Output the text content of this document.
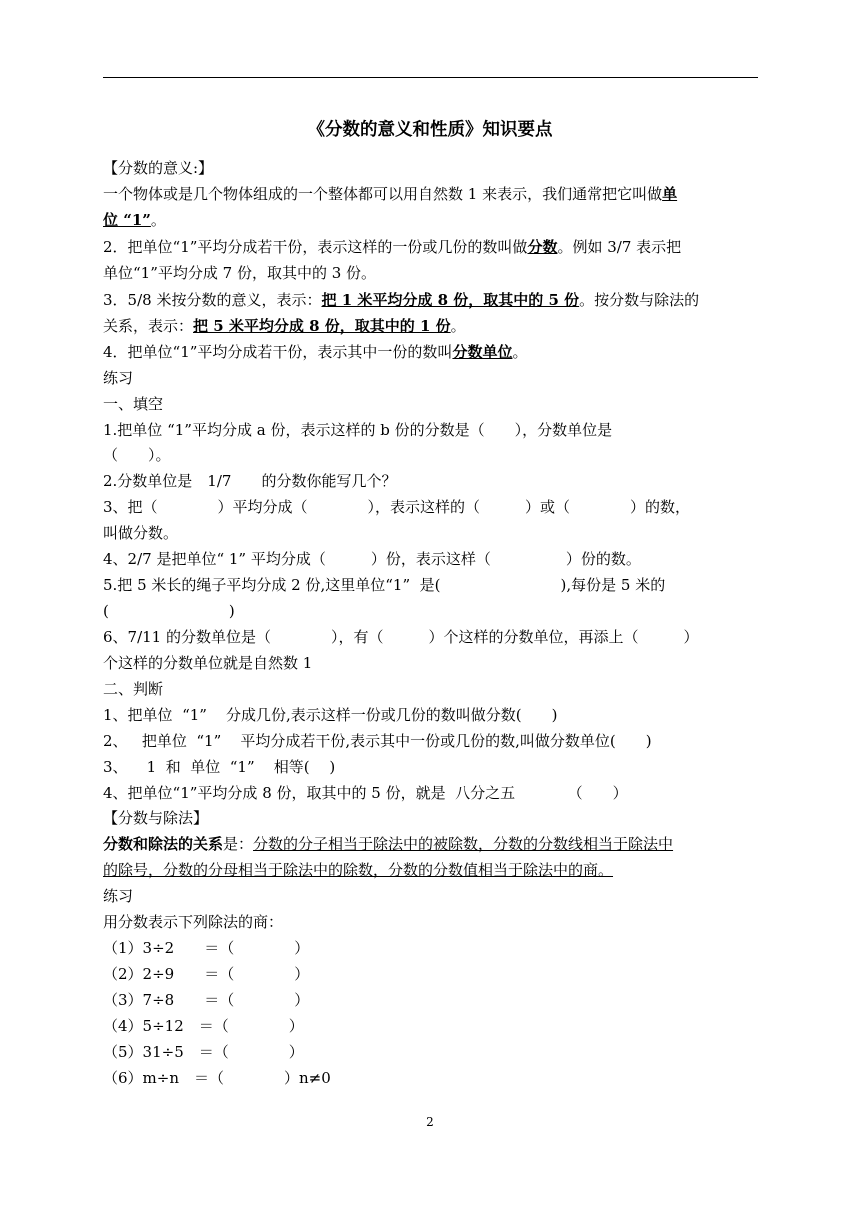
《分数的意义和性质》知识要点
【分数的意义:】
一个物体或是几个物体组成的一个整体都可以用自然数 1 来表示，我们通常把它叫做单
位 “1”。
2．把单位“1”平均分成若干份，表示这样的一份或几份的数叫做分数。例如 3/7 表示把
单位“1”平均分成 7 份，取其中的 3 份。
3．5/8 米按分数的意义，表示：把 1 米平均分成 8 份，取其中的 5 份。按分数与除法的
关系，表示：把 5 米平均分成 8 份，取其中的 1 份。
4．把单位“1”平均分成若干份，表示其中一份的数叫分数单位。
练习
一、填空
1.把单位 “1”平均分成 a 份，表示这样的 b 份的分数是（　　），分数单位是
（　　）。
2.分数单位是　1/7　　的分数你能写几个？
3、把（　　　　）平均分成（　　　　），表示这样的（　　　）或（　　　　）的数，
叫做分数。
4、2/7 是把单位“ 1” 平均分成（　　　）份，表示这样（　　　　　）份的数。
5.把 5 米长的绳子平均分成 2 份,这里单位“1”  是(　　　　　　　　),每份是 5 米的
(　　　　　　　　)
6、7/11 的分数单位是（　　　　），有（　　　）个这样的分数单位，再添上（　　　）
个这样的分数单位就是自然数 1
二、判断
1、把单位  “1”    分成几份,表示这样一份或几份的数叫做分数(　　)
2、   把单位  “1”    平均分成若干份,表示其中一份或几份的数,叫做分数单位(　　)
3、    1  和  单位  “1”    相等(　 )
4、把单位“1”平均分成 8 份，取其中的 5 份，就是  八分之五　　　　（　　）
【分数与除法】
分数和除法的关系是：分数的分子相当于除法中的被除数，分数的分数线相当于除法中
的除号，分数的分母相当于除法中的除数，分数的分数值相当于除法中的商。
练习
用分数表示下列除法的商：
（1）3÷2　　＝（　　　　）
（2）2÷9　　＝（　　　　）
（3）7÷8　　＝（　　　　）
（4）5÷12　＝（　　　　）
（5）31÷5　＝（　　　　）
（6）m÷n　＝（　　　　）n≠0
2
